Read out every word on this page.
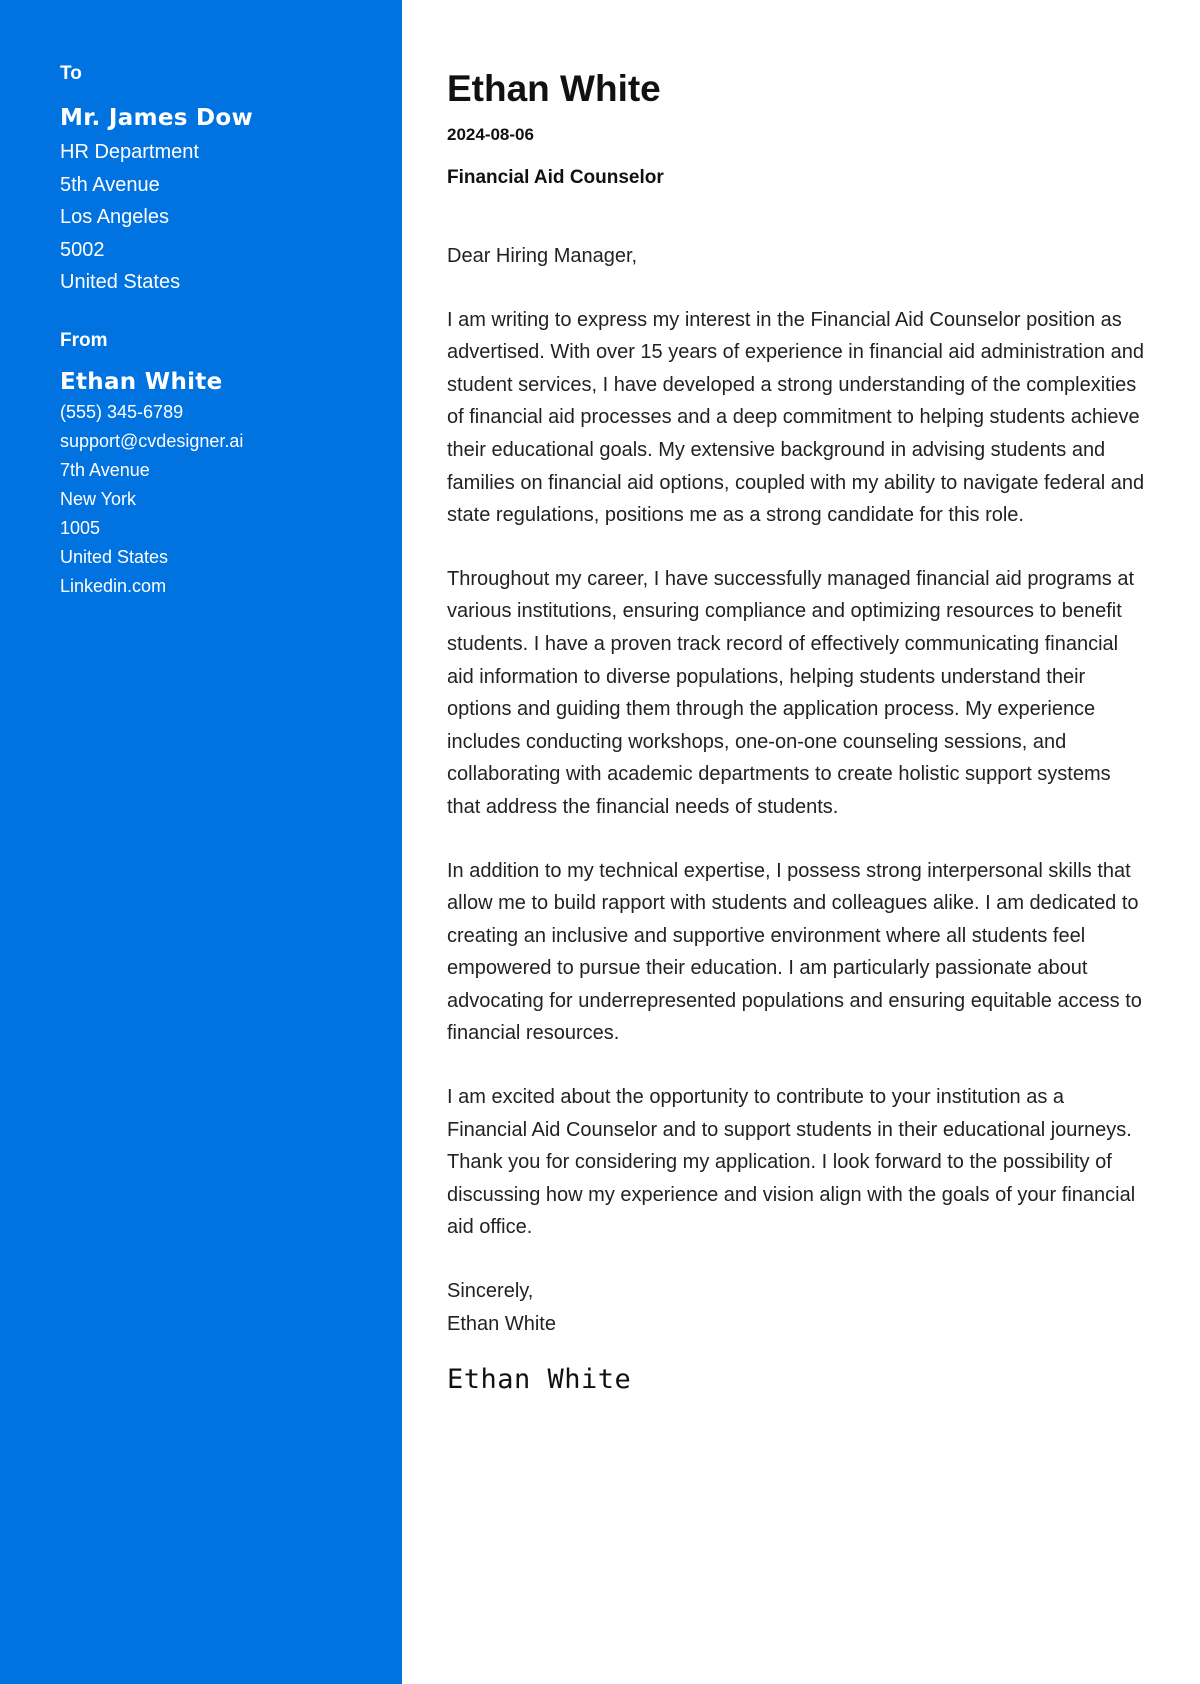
To

Mr. James Dow

HR Department

5th Avenue

Los Angeles

5002

United States

From

Ethan White

(555) 345-6789

support@cvdesigner.ai

7th Avenue

New York

1005

United States

Linkedin.com

Ethan White

2024-08-06

Financial Aid Counselor

Dear Hiring Manager,

I am writing to express my interest in the Financial Aid Counselor position as advertised. With over 15 years of experience in financial aid administration and student services, I have developed a strong understanding of the complexities of financial aid processes and a deep commitment to helping students achieve their educational goals. My extensive background in advising students and families on financial aid options, coupled with my ability to navigate federal and state regulations, positions me as a strong candidate for this role.

Throughout my career, I have successfully managed financial aid programs at various institutions, ensuring compliance and optimizing resources to benefit students. I have a proven track record of effectively communicating financial aid information to diverse populations, helping students understand their options and guiding them through the application process. My experience includes conducting workshops, one-on-one counseling sessions, and collaborating with academic departments to create holistic support systems that address the financial needs of students.

In addition to my technical expertise, I possess strong interpersonal skills that allow me to build rapport with students and colleagues alike. I am dedicated to creating an inclusive and supportive environment where all students feel empowered to pursue their education. I am particularly passionate about advocating for underrepresented populations and ensuring equitable access to financial resources.

I am excited about the opportunity to contribute to your institution as a Financial Aid Counselor and to support students in their educational journeys. Thank you for considering my application. I look forward to the possibility of discussing how my experience and vision align with the goals of your financial aid office.

Sincerely,

Ethan White

Ethan White
